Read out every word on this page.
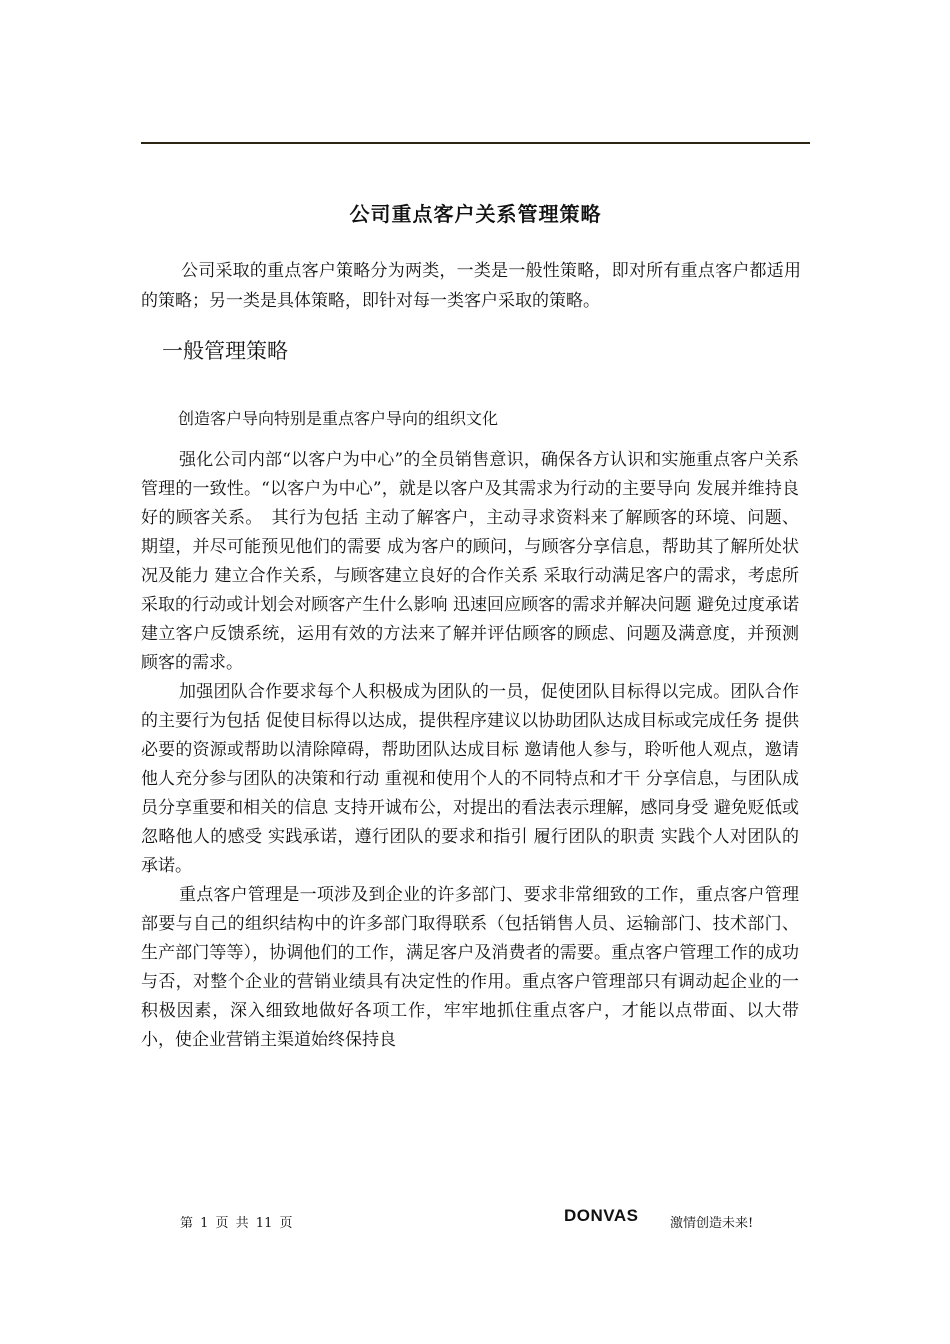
公司重点客户关系管理策略

公司采取的重点客户策略分为两类，一类是一般性策略，即对所有重点客户都适用的策略；另一类是具体策略，即针对每一类客户采取的策略。

一般管理策略
创造客户导向特别是重点客户导向的组织文化

强化公司内部“以客户为中心”的全员销售意识，确保各方认识和实施重点客户关系管理的一致性。“以客户为中心”，就是以客户及其需求为行动的主要导向 发展并维持良好的顾客关系。　其行为包括 主动了解客户，主动寻求资料来了解顾客的环境、问题、期望，并尽可能预见他们的需要 成为客户的顾问，与顾客分享信息，帮助其了解所处状况及能力 建立合作关系，与顾客建立良好的合作关系 采取行动满足客户的需求，考虑所采取的行动或计划会对顾客产生什么影响 迅速回应顾客的需求并解决问题 避免过度承诺 建立客户反馈系统，运用有效的方法来了解并评估顾客的顾虑、问题及满意度，并预测顾客的需求。

加强团队合作要求每个人积极成为团队的一员，促使团队目标得以完成。团队合作的主要行为包括 促使目标得以达成，提供程序建议以协助团队达成目标或完成任务 提供必要的资源或帮助以清除障碍，帮助团队达成目标 邀请他人参与，聆听他人观点，邀请他人充分参与团队的决策和行动 重视和使用个人的不同特点和才干 分享信息，与团队成员分享重要和相关的信息 支持开诚布公，对提出的看法表示理解，感同身受 避免贬低或忽略他人的感受 实践承诺，遵行团队的要求和指引 履行团队的职责 实践个人对团队的承诺。

重点客户管理是一项涉及到企业的许多部门、要求非常细致的工作，重点客户管理部要与自己的组织结构中的许多部门取得联系（包括销售人员、运输部门、技术部门、生产部门等等），协调他们的工作，满足客户及消费者的需要。重点客户管理工作的成功与否，对整个企业的营销业绩具有决定性的作用。重点客户管理部只有调动起企业的一积极因素，深入细致地做好各项工作，牢牢地抓住重点客户，才能以点带面、以大带小，使企业营销主渠道始终保持良

第 1 页 共 11 页	DONVAS 激情创造未来!
